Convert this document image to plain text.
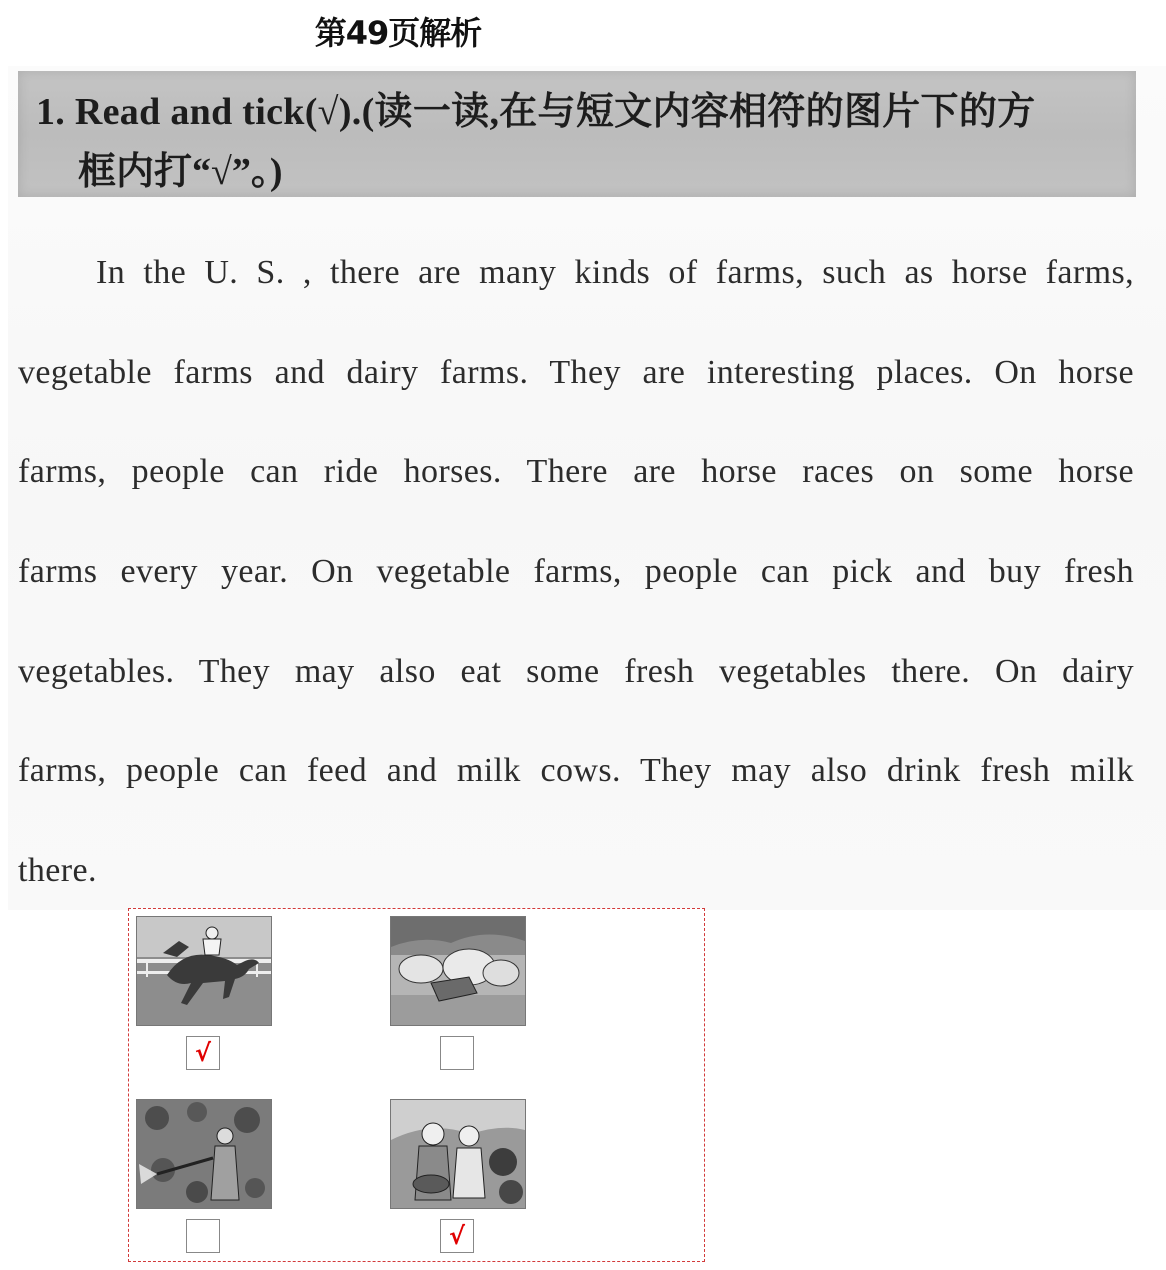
第49页解析
1. Read and tick(√).(读一读,在与短文内容相符的图片下的方
框内打“√”。)
In the U. S. , there are many kinds of farms, such as horse farms,
vegetable farms and dairy farms. They are interesting places. On horse
farms, people can ride horses. There are horse races on some horse
farms every year. On vegetable farms, people can pick and buy fresh
vegetables. They may also eat some fresh vegetables there. On dairy
farms, people can feed and milk cows. They may also drink fresh milk
there.
√
√
